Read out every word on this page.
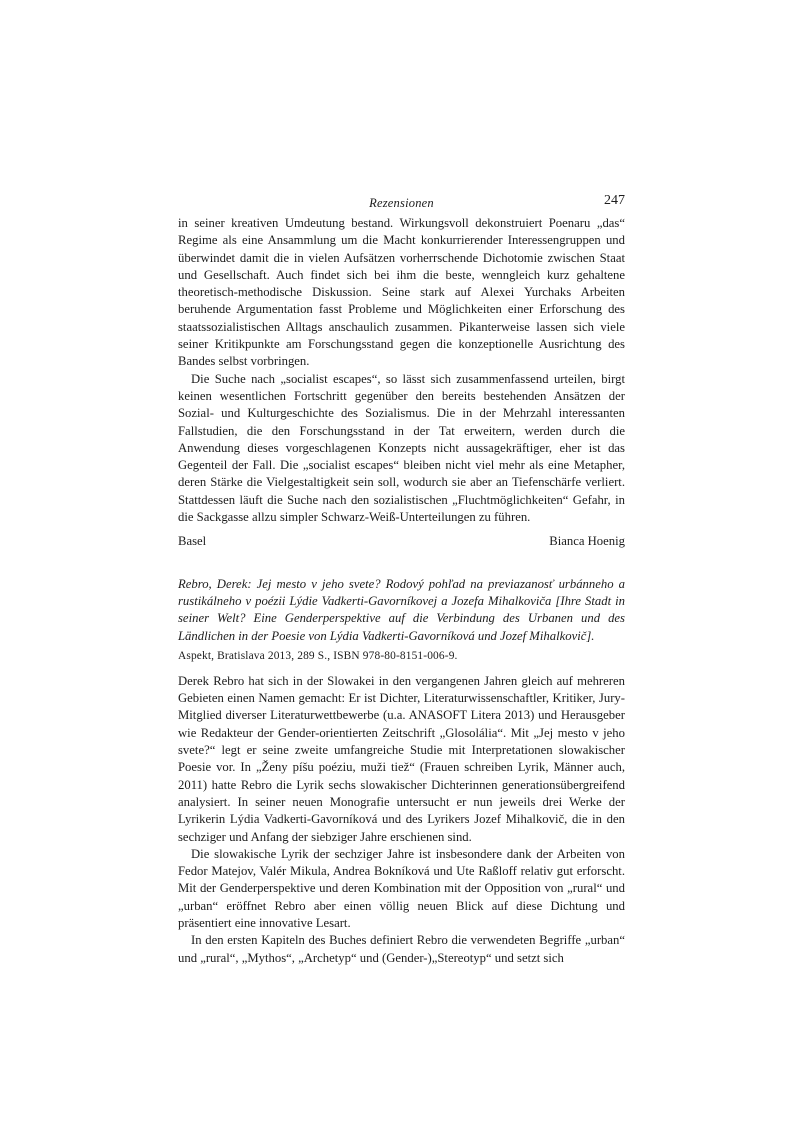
Rezensionen	247

in seiner kreativen Umdeutung bestand. Wirkungsvoll dekonstruiert Poenaru „das“ Regime als eine Ansammlung um die Macht konkurrierender Interessengruppen und überwindet damit die in vielen Aufsätzen vorherrschende Dichotomie zwischen Staat und Gesellschaft. Auch findet sich bei ihm die beste, wenngleich kurz gehaltene theoretisch-methodische Diskussion. Seine stark auf Alexei Yurchaks Arbeiten beruhende Argumentation fasst Probleme und Möglichkeiten einer Erforschung des staatssozialistischen Alltags anschaulich zusammen. Pikanterweise lassen sich viele seiner Kritikpunkte am Forschungsstand gegen die konzeptionelle Ausrichtung des Bandes selbst vorbringen.

Die Suche nach „socialist escapes“, so lässt sich zusammenfassend urteilen, birgt keinen wesentlichen Fortschritt gegenüber den bereits bestehenden Ansätzen der Sozial- und Kulturgeschichte des Sozialismus. Die in der Mehrzahl interessanten Fallstudien, die den Forschungsstand in der Tat erweitern, werden durch die Anwendung dieses vorgeschlagenen Konzepts nicht aussagekräftiger, eher ist das Gegenteil der Fall. Die „socialist escapes“ bleiben nicht viel mehr als eine Metapher, deren Stärke die Vielgestaltigkeit sein soll, wodurch sie aber an Tiefenschärfe verliert. Stattdessen läuft die Suche nach den sozialistischen „Fluchtmöglichkeiten“ Gefahr, in die Sackgasse allzu simpler Schwarz-Weiß-Unterteilungen zu führen.

Basel	Bianca Hoenig
Rebro, Derek: Jej mesto v jeho svete? Rodový pohľad na previazanosť urbánneho a rustikálneho v poézii Lýdie Vadkerti-Gavorníkovej a Jozefa Mihalkoviča [Ihre Stadt in seiner Welt? Eine Genderperspektive auf die Verbindung des Urbanen und des Ländlichen in der Poesie von Lýdia Vadkerti-Gavorníková und Jozef Mihalkovič].
Aspekt, Bratislava 2013, 289 S., ISBN 978-80-8151-006-9.

Derek Rebro hat sich in der Slowakei in den vergangenen Jahren gleich auf mehreren Gebieten einen Namen gemacht: Er ist Dichter, Literaturwissenschaftler, Kritiker, Jury-Mitglied diverser Literaturwettbewerbe (u.a. ANASOFT Litera 2013) und Herausgeber wie Redakteur der Gender-orientierten Zeitschrift „Glosolália“. Mit „Jej mesto v jeho svete?“ legt er seine zweite umfangreiche Studie mit Interpretationen slowakischer Poesie vor. In „Ženy píšu poéziu, muži tiež“ (Frauen schreiben Lyrik, Männer auch, 2011) hatte Rebro die Lyrik sechs slowakischer Dichterinnen generationsübergreifend analysiert. In seiner neuen Monografie untersucht er nun jeweils drei Werke der Lyrikerin Lýdia Vadkerti-Gavorníková und des Lyrikers Jozef Mihalkovič, die in den sechziger und Anfang der siebziger Jahre erschienen sind.

Die slowakische Lyrik der sechziger Jahre ist insbesondere dank der Arbeiten von Fedor Matejov, Valér Mikula, Andrea Bokníková und Ute Raßloff relativ gut erforscht. Mit der Genderperspektive und deren Kombination mit der Opposition von „rural“ und „urban“ eröffnet Rebro aber einen völlig neuen Blick auf diese Dichtung und präsentiert eine innovative Lesart.

In den ersten Kapiteln des Buches definiert Rebro die verwendeten Begriffe „urban“ und „rural“, „Mythos“, „Archetyp“ und (Gender-)„Stereotyp“ und setzt sich
